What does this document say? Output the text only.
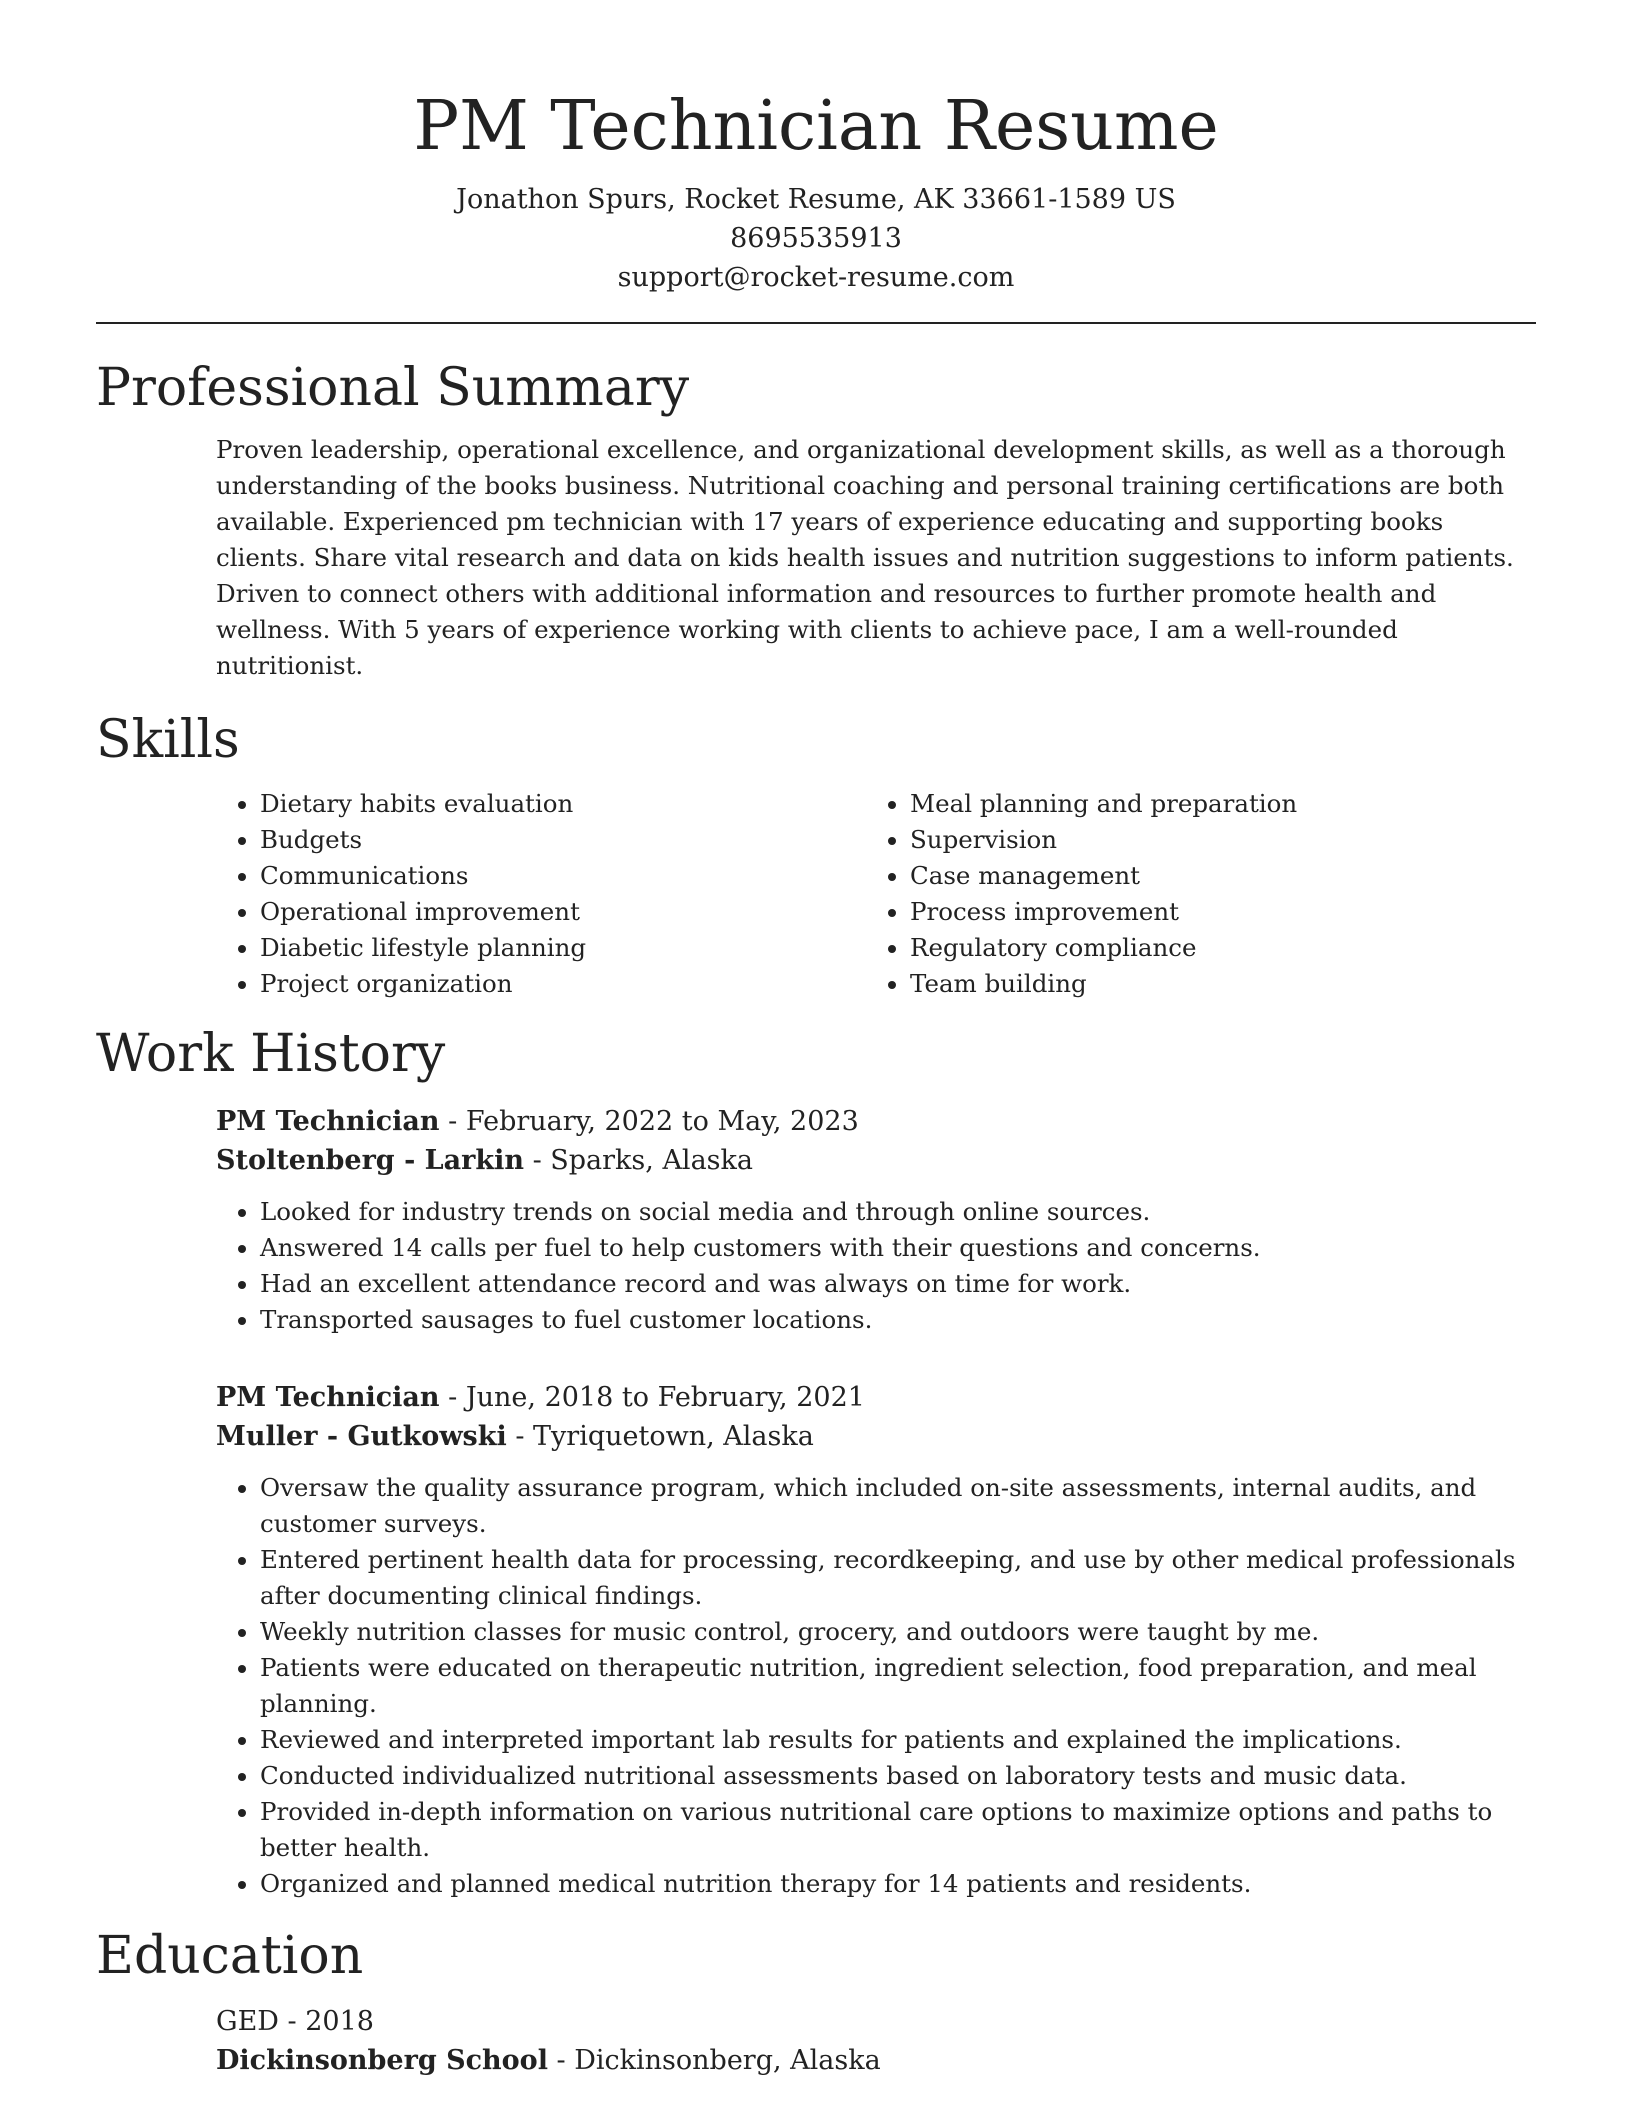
PM Technician Resume

Jonathon Spurs, Rocket Resume, AK 33661-1589 US

8695535913

support@rocket-resume.com

Professional Summary

Proven leadership, operational excellence, and organizational development skills, as well as a thorough understanding of the books business. Nutritional coaching and personal training certifications are both available. Experienced pm technician with 17 years of experience educating and supporting books clients. Share vital research and data on kids health issues and nutrition suggestions to inform patients. Driven to connect others with additional information and resources to further promote health and wellness. With 5 years of experience working with clients to achieve pace, I am a well-rounded nutritionist.

Skills
• Dietary habits evaluation
• Budgets
• Communications
• Operational improvement
• Diabetic lifestyle planning
• Project organization
• Meal planning and preparation
• Supervision
• Case management
• Process improvement
• Regulatory compliance
• Team building
Work History

PM Technician - February, 2022 to May, 2023

Stoltenberg - Larkin - Sparks, Alaska

• Looked for industry trends on social media and through online sources.
• Answered 14 calls per fuel to help customers with their questions and concerns.
• Had an excellent attendance record and was always on time for work.
• Transported sausages to fuel customer locations.

PM Technician - June, 2018 to February, 2021

Muller - Gutkowski - Tyriquetown, Alaska

• Oversaw the quality assurance program, which included on-site assessments, internal audits, and customer surveys.
• Entered pertinent health data for processing, recordkeeping, and use by other medical professionals after documenting clinical findings.
• Weekly nutrition classes for music control, grocery, and outdoors were taught by me.
• Patients were educated on therapeutic nutrition, ingredient selection, food preparation, and meal planning.
• Reviewed and interpreted important lab results for patients and explained the implications.
• Conducted individualized nutritional assessments based on laboratory tests and music data.
• Provided in-depth information on various nutritional care options to maximize options and paths to better health.
• Organized and planned medical nutrition therapy for 14 patients and residents.
Education

GED - 2018

Dickinsonberg School - Dickinsonberg, Alaska
